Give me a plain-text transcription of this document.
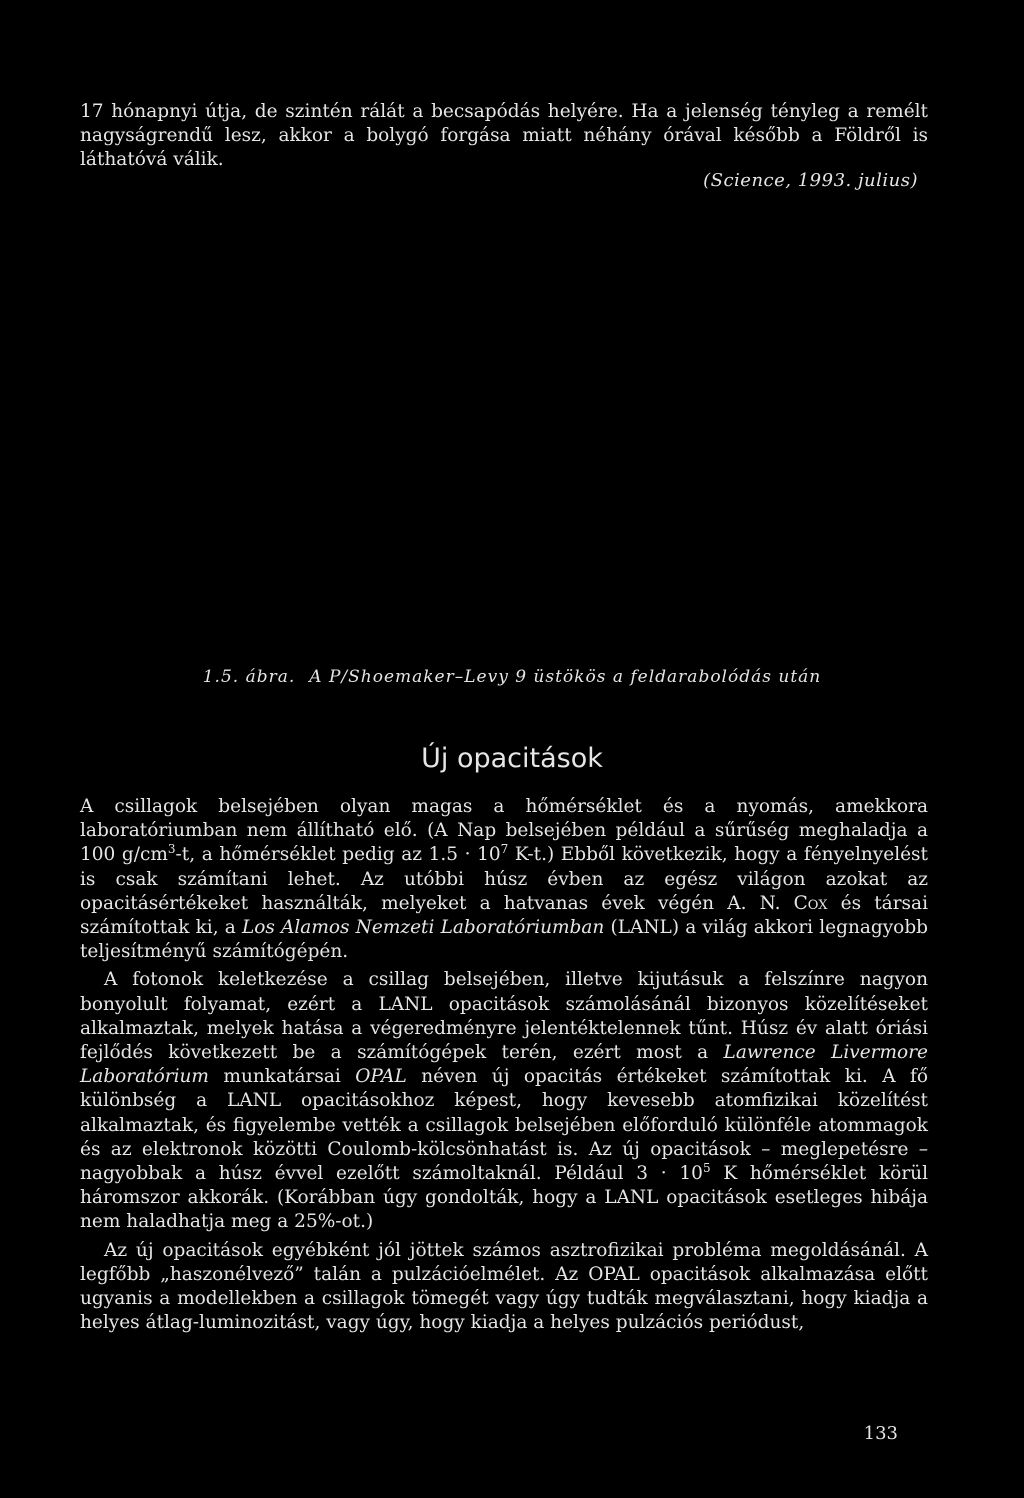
17 hónapnyi útja, de szintén rálát a becsapódás helyére. Ha a jelenség tényleg a remélt nagyságrendű lesz, akkor a bolygó forgása miatt néhány órával később a Földről is láthatóvá válik.

(Science, 1993. julius)
1.5. ábra. A P/Shoemaker–Levy 9 üstökös a feldarabolódás után
Új opacitások

A csillagok belsejében olyan magas a hőmérséklet és a nyomás, amekkora laboratóriumban nem állítható elő. (A Nap belsejében például a sűrűség meghaladja a 100 $g/cm^3-t$, a hőmérséklet pedig az $1.5 \cdot 10^7$ K-t.) Ebből következik, hogy a fényelnyelést is csak számítani lehet. Az utóbbi húsz évben az egész világon azokat az opacitásértékeket használták, melyeket a hatvanas évek végén A. N. Cox és társai számítottak ki, a Los Alamos Nemzeti Laboratóriumban (LANL) a világ akkori legnagyobb teljesítményű számítógépén.

A fotonok keletkezése a csillag belsejében, illetve kijutásuk a felszínre nagyon bonyolult folyamat, ezért a LANL opacitások számolásánál bizonyos közelítéseket alkalmaztak, melyek hatása a végeredményre jelentéktelennek tűnt. Húsz év alatt óriási fejlődés következett be a számítógépek terén, ezért most a Lawrence Livermore Laboratórium munkatársai OPAL néven új opacitás értékeket számítottak ki. A fő különbség a LANL opacitásokhoz képest, hogy kevesebb atomfizikai közelítést alkalmaztak, és figyelembe vették a csillagok belsejében előforduló különféle atommagok és az elektronok közötti Coulomb-kölcsönhatást is. Az új opacitások – meglepetésre – nagyobbak a húsz évvel ezelőtt számoltaknál. Például $3 \cdot 10^5$ K hőmérséklet körül háromszor akkorák. (Korábban úgy gondolták, hogy a LANL opacitások esetleges hibája nem haladhatja meg a 25%-ot.)

Az új opacitások egyébként jól jöttek számos asztrofizikai probléma megoldásánál. A legfőbb „haszonélvező” talán a pulzációelmélet. Az OPAL opacitások alkalmazása előtt ugyanis a modellekben a csillagok tömegét vagy úgy tudták megválasztani, hogy kiadja a helyes átlag-luminozitást, vagy úgy, hogy kiadja a helyes pulzációs periódust,

133
